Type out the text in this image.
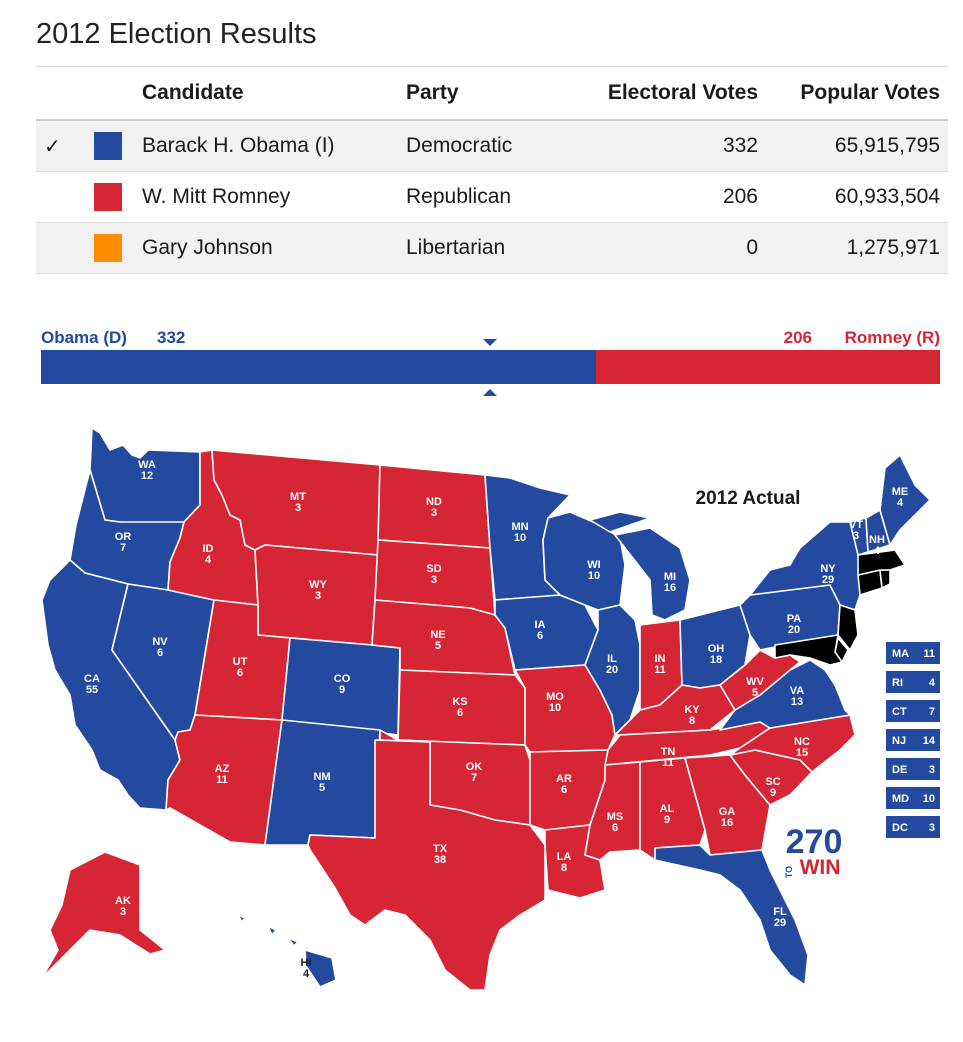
2012 Election Results
		Candidate	Party	Electoral Votes	Popular Votes
✓		Barack H. Obama (I)	Democratic	332	65,915,795
		W. Mitt Romney	Republican	206	60,933,504
		Gary Johnson	Libertarian	0	1,275,971
Obama (D) 332	206 Romney (R)
WA
12
OR
7
CA
55
NV
6
ID
4
MT
3
WY
3
UT
6	CO
9
AZ
11	NM
5
ND
3
SD
3
NE
5
KS
6
OK
7
TX
38
MN
10
IA
6
MO
10
AR
6
LA
8
WI
10
IL
20
MI
16
IN
11
OH
18
KY
8
TN
11
MS
6
AL
9
GA
16
FL
29
SC
9
NC
15
VA
13
WV
5
PA
20
NY
29
VT
3 NH
4
ME
4
AK
3
HI
4
2012 Actual
MA 11
RI 4
CT 7
NJ 14
DE 3
MD 10
DC 3
270
TO WIN
